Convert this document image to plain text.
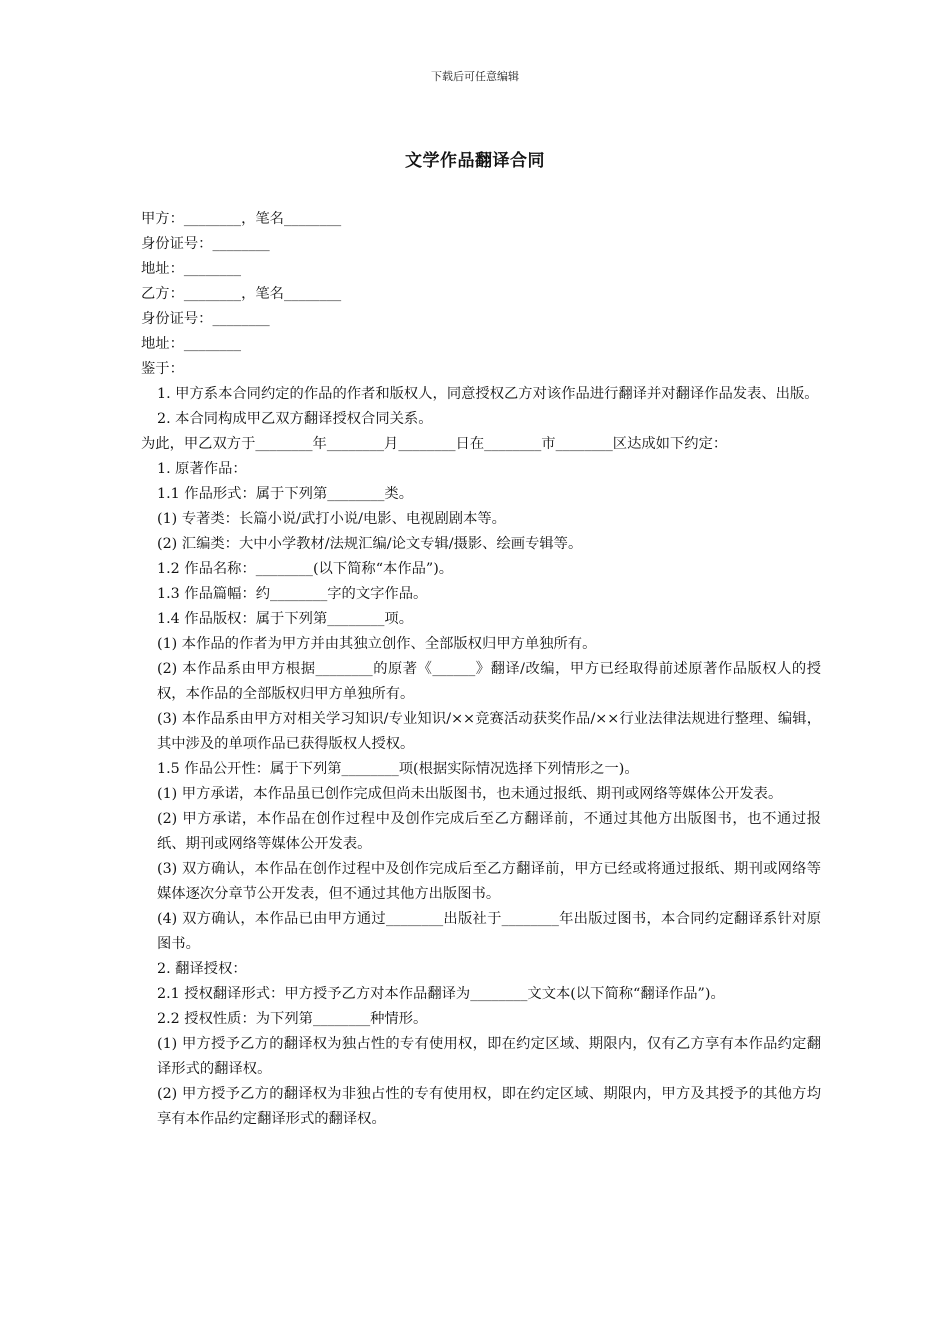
下载后可任意编辑
文学作品翻译合同
甲方：________，笔名________
身份证号：________
地址：________
乙方：________，笔名________
身份证号：________
地址：________
鉴于：
1. 甲方系本合同约定的作品的作者和版权人，同意授权乙方对该作品进行翻译并对翻译作品发表、出版。
2. 本合同构成甲乙双方翻译授权合同关系。
为此，甲乙双方于________年________月________日在________市________区达成如下约定：
1. 原著作品：
1.1 作品形式：属于下列第________类。
(1) 专著类：长篇小说/武打小说/电影、电视剧剧本等。
(2) 汇编类：大中小学教材/法规汇编/论文专辑/摄影、绘画专辑等。
1.2 作品名称：________(以下简称“本作品”)。
1.3 作品篇幅：约________字的文字作品。
1.4 作品版权：属于下列第________项。
(1) 本作品的作者为甲方并由其独立创作、全部版权归甲方单独所有。
(2) 本作品系由甲方根据________的原著《______》翻译/改编，甲方已经取得前述原著作品版权人的授权，本作品的全部版权归甲方单独所有。
(3) 本作品系由甲方对相关学习知识/专业知识/××竞赛活动获奖作品/××行业法律法规进行整理、编辑，其中涉及的单项作品已获得版权人授权。
1.5 作品公开性：属于下列第________项(根据实际情况选择下列情形之一)。
(1) 甲方承诺，本作品虽已创作完成但尚未出版图书，也未通过报纸、期刊或网络等媒体公开发表。
(2) 甲方承诺，本作品在创作过程中及创作完成后至乙方翻译前，不通过其他方出版图书，也不通过报纸、期刊或网络等媒体公开发表。
(3) 双方确认，本作品在创作过程中及创作完成后至乙方翻译前，甲方已经或将通过报纸、期刊或网络等媒体逐次分章节公开发表，但不通过其他方出版图书。
(4) 双方确认，本作品已由甲方通过________出版社于________年出版过图书，本合同约定翻译系针对原图书。
2. 翻译授权：
2.1 授权翻译形式：甲方授予乙方对本作品翻译为________文文本(以下简称“翻译作品”)。
2.2 授权性质：为下列第________种情形。
(1) 甲方授予乙方的翻译权为独占性的专有使用权，即在约定区域、期限内，仅有乙方享有本作品约定翻译形式的翻译权。
(2) 甲方授予乙方的翻译权为非独占性的专有使用权，即在约定区域、期限内，甲方及其授予的其他方均享有本作品约定翻译形式的翻译权。
